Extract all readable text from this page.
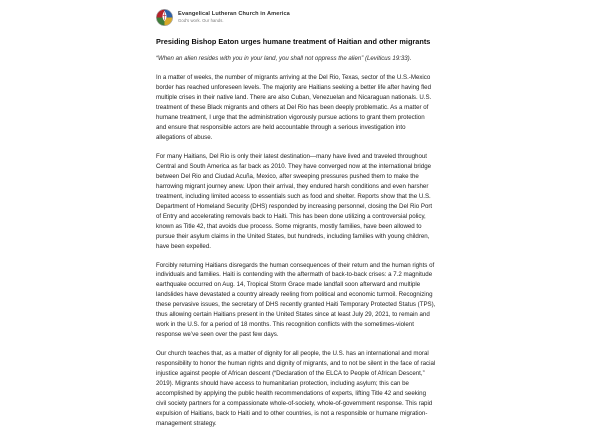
Evangelical Lutheran Church in America
God's work. Our hands.
Presiding Bishop Eaton urges humane treatment of Haitian and other migrants

“When an alien resides with you in your land, you shall not oppress the alien” (Leviticus 19:33).

In a matter of weeks, the number of migrants arriving at the Del Rio, Texas, sector of the U.S.-Mexico border has reached unforeseen levels. The majority are Haitians seeking a better life after having fled multiple crises in their native land. There are also Cuban, Venezuelan and Nicaraguan nationals. U.S. treatment of these Black migrants and others at Del Rio has been deeply problematic. As a matter of humane treatment, I urge that the administration vigorously pursue actions to grant them protection and ensure that responsible actors are held accountable through a serious investigation into allegations of abuse.

For many Haitians, Del Rio is only their latest destination—many have lived and traveled throughout Central and South America as far back as 2010. They have converged now at the international bridge between Del Rio and Ciudad Acuña, Mexico, after sweeping pressures pushed them to make the harrowing migrant journey anew. Upon their arrival, they endured harsh conditions and even harsher treatment, including limited access to essentials such as food and shelter. Reports show that the U.S. Department of Homeland Security (DHS) responded by increasing personnel, closing the Del Rio Port of Entry and accelerating removals back to Haiti. This has been done utilizing a controversial policy, known as Title 42, that avoids due process. Some migrants, mostly families, have been allowed to pursue their asylum claims in the United States, but hundreds, including families with young children, have been expelled.

Forcibly returning Haitians disregards the human consequences of their return and the human rights of individuals and families. Haiti is contending with the aftermath of back-to-back crises: a 7.2 magnitude earthquake occurred on Aug. 14, Tropical Storm Grace made landfall soon afterward and multiple landslides have devastated a country already reeling from political and economic turmoil. Recognizing these pervasive issues, the secretary of DHS recently granted Haiti Temporary Protected Status (TPS), thus allowing certain Haitians present in the United States since at least July 29, 2021, to remain and work in the U.S. for a period of 18 months. This recognition conflicts with the sometimes-violent response we’ve seen over the past few days.

Our church teaches that, as a matter of dignity for all people, the U.S. has an international and moral responsibility to honor the human rights and dignity of migrants, and to not be silent in the face of racial injustice against people of African descent (“Declaration of the ELCA to People of African Descent,” 2019). Migrants should have access to humanitarian protection, including asylum; this can be accomplished by applying the public health recommendations of experts, lifting Title 42 and seeking civil society partners for a compassionate whole-of-society, whole-of-government response. This rapid expulsion of Haitians, back to Haiti and to other countries, is not a responsible or humane migration-management strategy.
